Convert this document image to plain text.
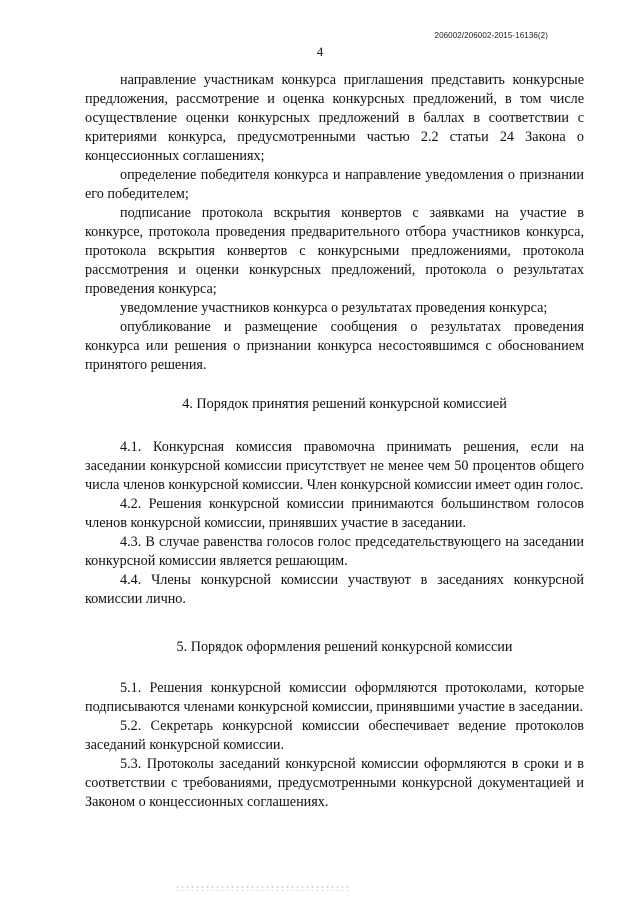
206002/206002-2015-16136(2)
4

направление участникам конкурса приглашения представить конкурсные предложения, рассмотрение и оценка конкурсных предложений, в том числе осуществление оценки конкурсных предложений в баллах в соответствии с критериями конкурса, предусмотренными частью 2.2 статьи 24 Закона о концессионных соглашениях;

определение победителя конкурса и направление уведомления о признании его победителем;

подписание протокола вскрытия конвертов с заявками на участие в конкурсе, протокола проведения предварительного отбора участников конкурса, протокола вскрытия конвертов с конкурсными предложениями, протокола рассмотрения и оценки конкурсных предложений, протокола о результатах проведения конкурса;

уведомление участников конкурса о результатах проведения конкурса;

опубликование и размещение сообщения о результатах проведения конкурса или решения о признании конкурса несостоявшимся с обоснованием принятого решения.

4. Порядок принятия решений конкурсной комиссией

4.1. Конкурсная комиссия правомочна принимать решения, если на заседании конкурсной комиссии присутствует не менее чем 50 процентов общего числа членов конкурсной комиссии. Член конкурсной комиссии имеет один голос.

4.2. Решения конкурсной комиссии принимаются большинством голосов членов конкурсной комиссии, принявших участие в заседании.

4.3. В случае равенства голосов голос председательствующего на заседании конкурсной комиссии является решающим.

4.4. Члены конкурсной комиссии участвуют в заседаниях конкурсной комиссии лично.

5. Порядок оформления решений конкурсной комиссии

5.1. Решения конкурсной комиссии оформляются протоколами, которые подписываются членами конкурсной комиссии, принявшими участие в заседании.

5.2. Секретарь конкурсной комиссии обеспечивает ведение протоколов заседаний конкурсной комиссии.

5.3. Протоколы заседаний конкурсной комиссии оформляются в сроки и в соответствии с требованиями, предусмотренными конкурсной документацией и Законом о концессионных соглашениях.
